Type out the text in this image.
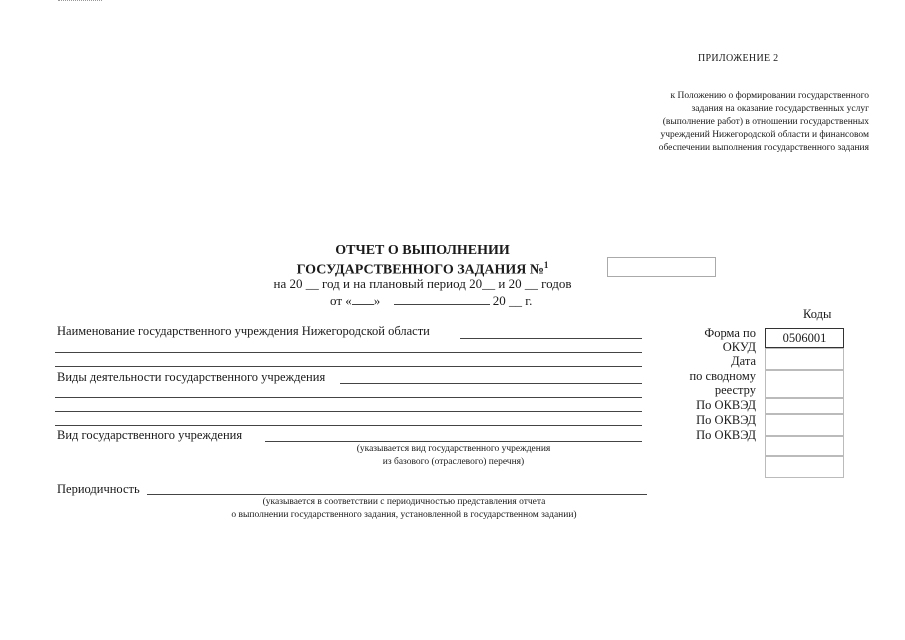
ПРИЛОЖЕНИЕ 2
к Положению о формировании государственного
задания на оказание государственных услуг
(выполнение работ) в отношении государственных
учреждений Нижегородской области и финансовом
обеспечении выполнения государственного задания
ОТЧЕТ О ВЫПОЛНЕНИИ
ГОСУДАРСТВЕННОГО ЗАДАНИЯ №$^1$
на 20 __ год и на плановый период 20__ и 20 __ годов
от « »	20 __ г.
Наименование государственного учреждения Нижегородской области
Виды деятельности государственного учреждения
Вид государственного учреждения
(указывается вид государственного учреждения
из базового (отраслевого) перечня)
Периодичность
(указывается в соответствии с периодичностью представления отчета
о выполнении государственного задания, установленной в государственном задании)
Коды
Форма по
ОКУД
0506001
Дата
по сводному
реестру
По ОКВЭД
По ОКВЭД
По ОКВЭД
